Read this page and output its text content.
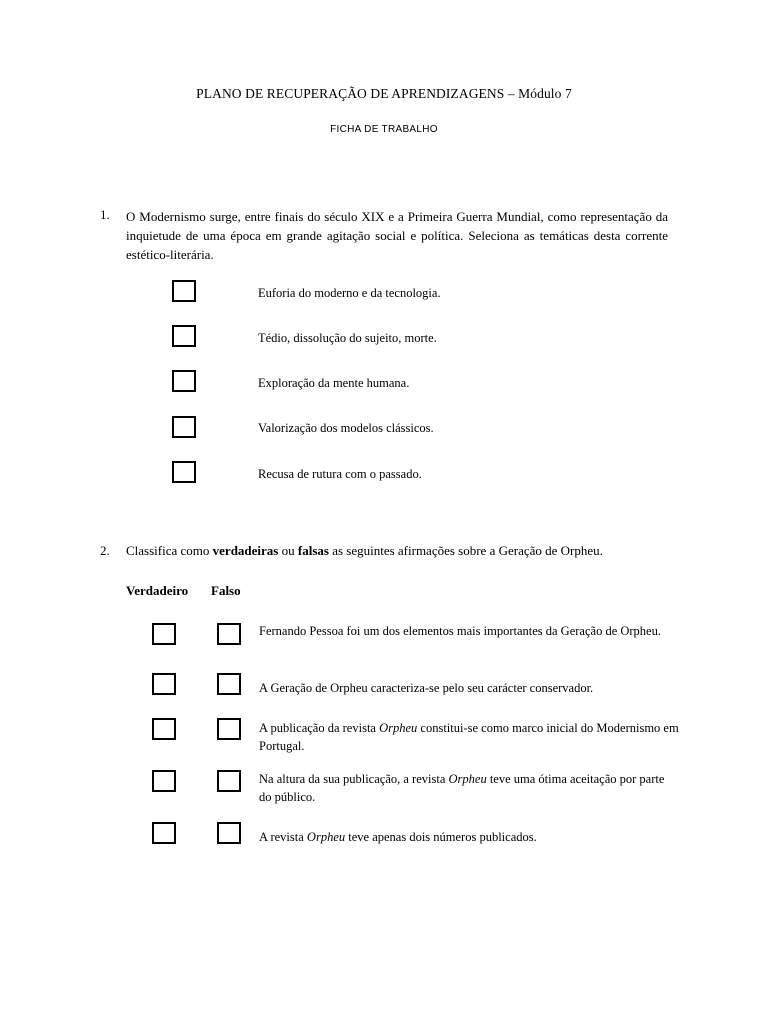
PLANO DE RECUPERAÇÃO DE APRENDIZAGENS – Módulo 7
FICHA DE TRABALHO
1. O Modernismo surge, entre finais do século XIX e a Primeira Guerra Mundial, como representação da inquietude de uma época em grande agitação social e política. Seleciona as temáticas desta corrente estético-literária.
Euforia do moderno e da tecnologia.
Tédio, dissolução do sujeito, morte.
Exploração da mente humana.
Valorização dos modelos clássicos.
Recusa de rutura com o passado.
2. Classifica como verdadeiras ou falsas as seguintes afirmações sobre a Geração de Orpheu.
Verdadeiro Falso
Fernando Pessoa foi um dos elementos mais importantes da Geração de Orpheu.
A Geração de Orpheu caracteriza-se pelo seu carácter conservador.
A publicação da revista Orpheu constitui-se como marco inicial do Modernismo em Portugal.
Na altura da sua publicação, a revista Orpheu teve uma ótima aceitação por parte do público.
A revista Orpheu teve apenas dois números publicados.
